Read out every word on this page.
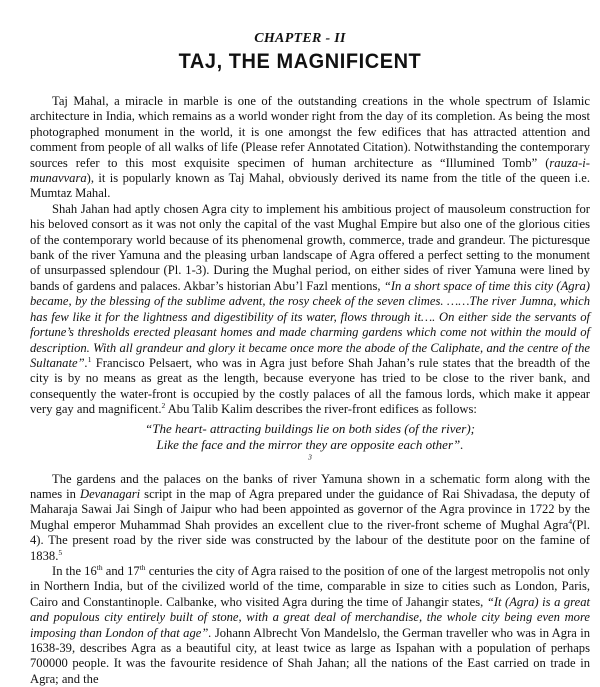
CHAPTER - II
TAJ, THE MAGNIFICENT

Taj Mahal, a miracle in marble is one of the outstanding creations in the whole spectrum of Islamic architecture in India, which remains as a world wonder right from the day of its completion. As being the most photographed monument in the world, it is one amongst the few edifices that has attracted attention and comment from people of all walks of life (Please refer Annotated Citation). Notwithstanding the contemporary sources refer to this most exquisite specimen of human architecture as “Illumined Tomb” (rauza-i-munavvara), it is popularly known as Taj Mahal, obviously derived its name from the title of the queen i.e. Mumtaz Mahal.

Shah Jahan had aptly chosen Agra city to implement his ambitious project of mausoleum construction for his beloved consort as it was not only the capital of the vast Mughal Empire but also one of the glorious cities of the contemporary world because of its phenomenal growth, commerce, trade and grandeur. The picturesque bank of the river Yamuna and the pleasing urban landscape of Agra offered a perfect setting to the monument of unsurpassed splendour (Pl. 1-3). During the Mughal period, on either sides of river Yamuna were lined by bands of gardens and palaces. Akbar’s historian Abu’l Fazl mentions, “In a short space of time this city (Agra) became, by the blessing of the sublime advent, the rosy cheek of the seven climes. ……The river Jumna, which has few like it for the lightness and digestibility of its water, flows through it…. On either side the servants of fortune’s thresholds erected pleasant homes and made charming gardens which come not within the mould of description. With all grandeur and glory it became once more the abode of the Caliphate, and the centre of the Sultanate”.$^1$ Francisco Pelsaert, who was in Agra just before Shah Jahan’s rule states that the breadth of the city is by no means as great as the length, because everyone has tried to be close to the river bank, and consequently the water-front is occupied by the costly palaces of all the famous lords, which make it appear very gay and magnificent.$^2$ Abu Talib Kalim describes the river-front edifices as follows:

“The heart- attracting buildings lie on both sides (of the river);
Like the face and the mirror they are opposite each other”.
$^3$

The gardens and the palaces on the banks of river Yamuna shown in a schematic form along with the names in Devanagari script in the map of Agra prepared under the guidance of Rai Shivadasa, the deputy of Maharaja Sawai Jai Singh of Jaipur who had been appointed as governor of the Agra province in 1722 by the Mughal emperor Muhammad Shah provides an excellent clue to the river-front scheme of Mughal Agra$^4$(Pl. 4). The present road by the river side was constructed by the labour of the destitute poor on the famine of 1838.$^5$

In the 16th and 17th centuries the city of Agra raised to the position of one of the largest metropolis not only in Northern India, but of the civilized world of the time, comparable in size to cities such as London, Paris, Cairo and Constantinople. Calbanke, who visited Agra during the time of Jahangir states, “It (Agra) is a great and populous city entirely built of stone, with a great deal of merchandise, the whole city being even more imposing than London of that age”. Johann Albrecht Von Mandelslo, the German traveller who was in Agra in 1638-39, describes Agra as a beautiful city, at least twice as large as Ispahan with a population of perhaps 700000 people. It was the favourite residence of Shah Jahan; all the nations of the East carried on trade in Agra; and the
